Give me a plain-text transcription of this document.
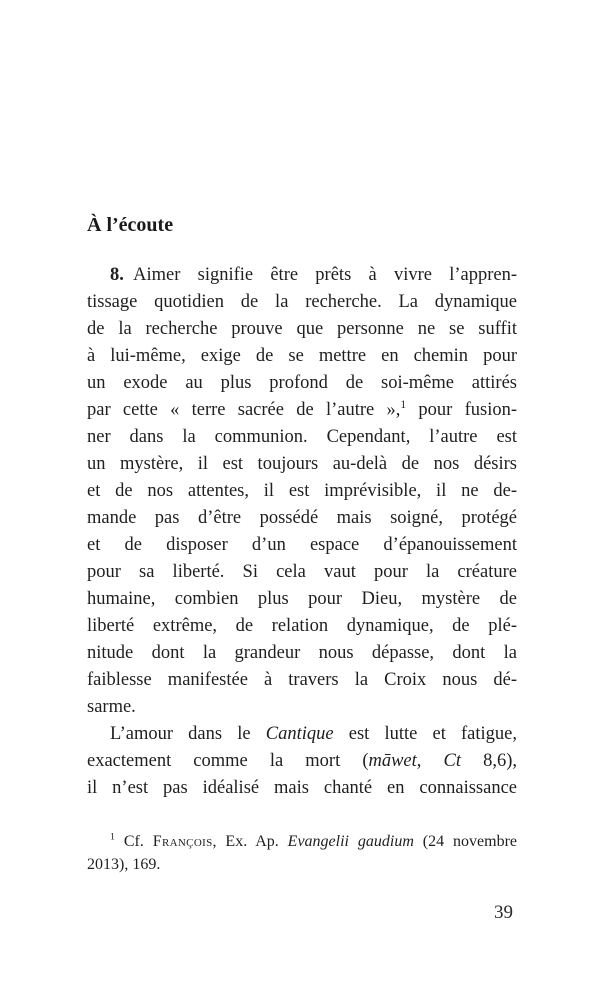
À l’écoute
8. Aimer signifie être prêts à vivre l’appren-
tissage quotidien de la recherche. La dynamique
de la recherche prouve que personne ne se suffit
à lui-même, exige de se mettre en chemin pour
un exode au plus profond de soi-même attirés
par cette « terre sacrée de l’autre »,$^1$ pour fusion-
ner dans la communion. Cependant, l’autre est
un mystère, il est toujours au-delà de nos désirs
et de nos attentes, il est imprévisible, il ne de-
mande pas d’être possédé mais soigné, protégé
et de disposer d’un espace d’épanouissement
pour sa liberté. Si cela vaut pour la créature
humaine, combien plus pour Dieu, mystère de
liberté extrême, de relation dynamique, de plé-
nitude dont la grandeur nous dépasse, dont la
faiblesse manifestée à travers la Croix nous dé-
sarme.
L’amour dans le Cantique est lutte et fatigue,
exactement comme la mort (māwet, Ct 8,6),
il n’est pas idéalisé mais chanté en connaissance
$^1$ Cf. François, Ex. Ap. Evangelii gaudium (24 novembre
2013), 169.
39
